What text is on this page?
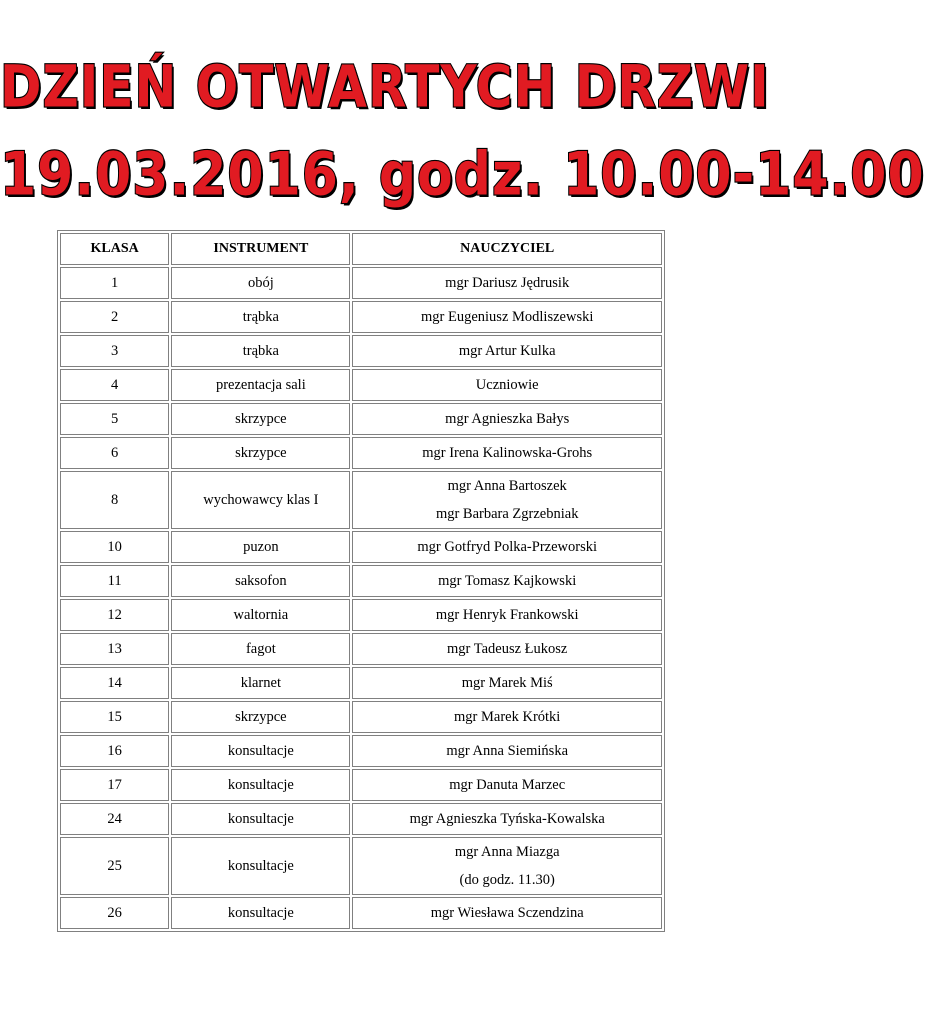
DZIEŃ OTWARTYCH DRZWI
19.03.2016, godz. 10.00-14.00
KLASA	INSTRUMENT	NAUCZYCIEL
1	obój	mgr Dariusz Jędrusik

2	trąbka	mgr Eugeniusz Modliszewski

3	trąbka	mgr Artur Kulka

4	prezentacja sali	Uczniowie

5	skrzypce	mgr Agnieszka Bałys

6	skrzypce	mgr Irena Kalinowska-Grohs

8	wychowawcy klas I	mgr Anna Bartoszek
mgr Barbara Zgrzebniak

10	puzon	mgr Gotfryd Polka-Przeworski

11	saksofon	mgr Tomasz Kajkowski

12	waltornia	mgr Henryk Frankowski

13	fagot	mgr Tadeusz Łukosz

14	klarnet	mgr Marek Miś

15	skrzypce	mgr Marek Krótki

16	konsultacje	mgr Anna Siemińska

17	konsultacje	mgr Danuta Marzec

24	konsultacje	mgr Agnieszka Tyńska-Kowalska

25	konsultacje	mgr Anna Miazga
(do godz. 11.30)

26	konsultacje	mgr Wiesława Sczendzina
